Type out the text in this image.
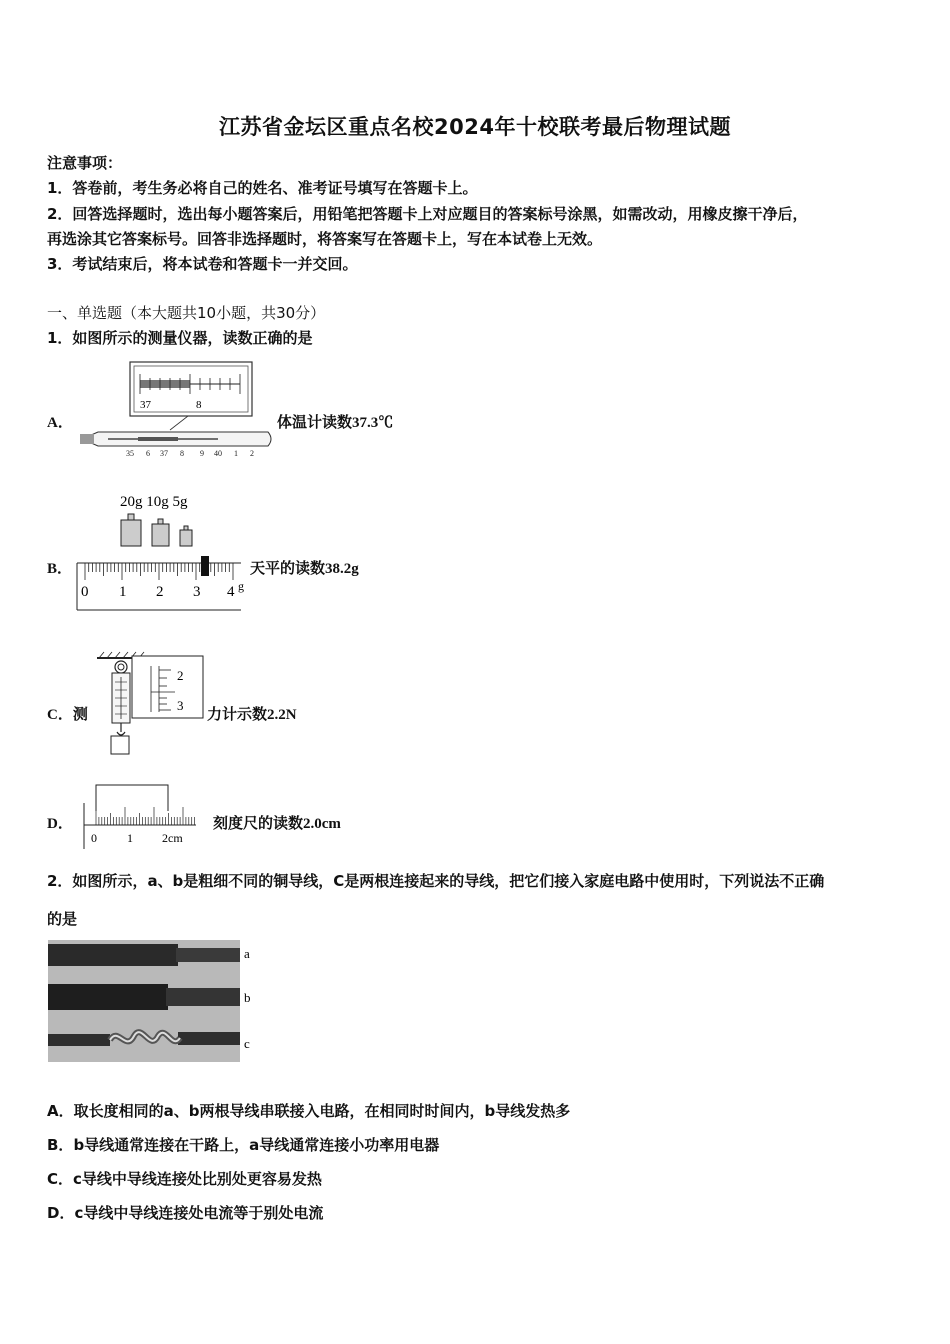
江苏省金坛区重点名校2024年十校联考最后物理试题
注意事项：
1．答卷前，考生务必将自己的姓名、准考证号填写在答题卡上。
2．回答选择题时，选出每小题答案后，用铅笔把答题卡上对应题目的答案标号涂黑，如需改动，用橡皮擦干净后，
再选涂其它答案标号。回答非选择题时，将答案写在答题卡上，写在本试卷上无效。
3．考试结束后，将本试卷和答题卡一并交回。
一、单选题（本大题共10小题，共30分）
1．如图所示的测量仪器，读数正确的是
A．
37	8
35 6 37 8 9 40 1 2
体温计读数37.3℃
B．
20g 10g 5g
0 1 2 3 4 g
天平的读数38.2g
C．测
2
3
力计示数2.2N
D．
0	1 2cm
刻度尺的读数2.0cm
2．如图所示，a、b是粗细不同的铜导线，C是两根连接起来的导线，把它们接入家庭电路中使用时，下列说法不正确
的是
a
b
c
A．取长度相同的a、b两根导线串联接入电路，在相同时时间内，b导线发热多
B．b导线通常连接在干路上，a导线通常连接小功率用电器
C．c导线中导线连接处比别处更容易发热
D．c导线中导线连接处电流等于别处电流
